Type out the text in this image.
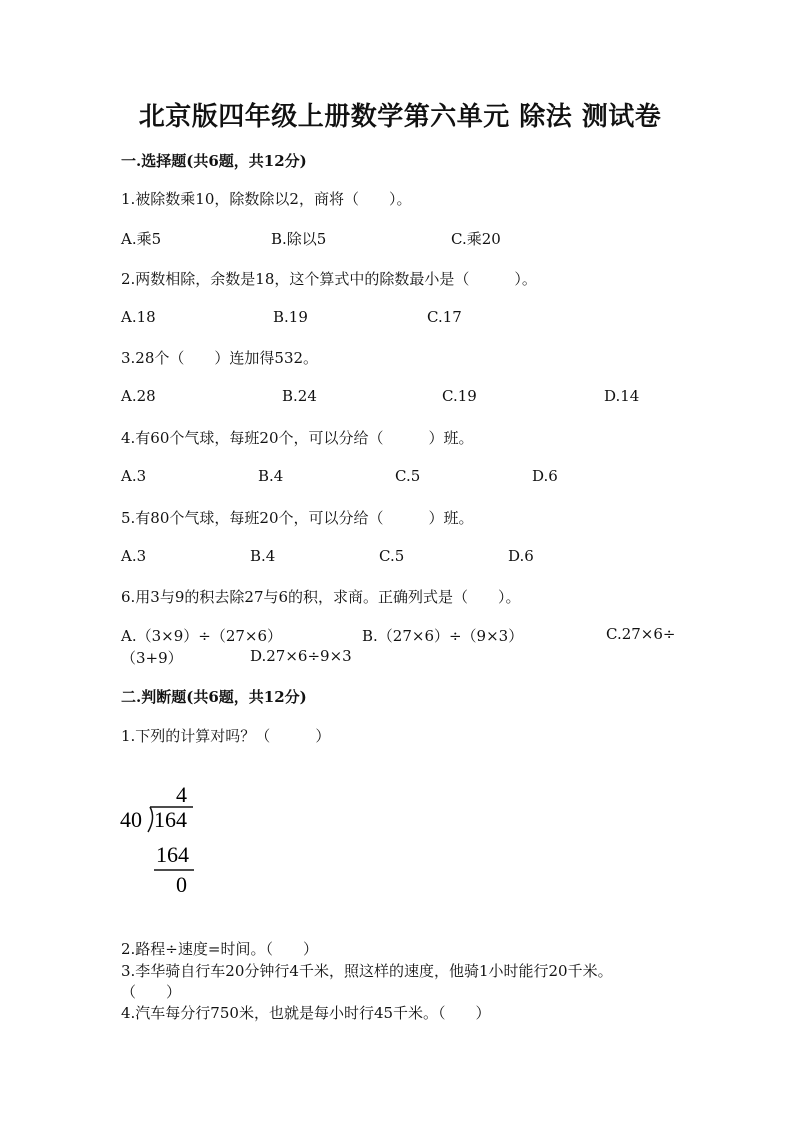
北京版四年级上册数学第六单元 除法 测试卷
一.选择题(共6题，共12分)
1.被除数乘10，除数除以2，商将（　　）。
A.乘5	B.除以5	C.乘20
2.两数相除，余数是18，这个算式中的除数最小是（　　　）。
A.18	B.19	C.17
3.28个（　　）连加得532。
A.28	B.24	C.19	D.14
4.有60个气球，每班20个，可以分给（　　　）班。
A.3	B.4	C.5	D.6
5.有80个气球，每班20个，可以分给（　　　）班。
A.3	B.4	C.5	D.6
6.用3与9的积去除27与6的积，求商。正确列式是（　　）。
A.（3×9）÷（27×6）	B.（27×6）÷（9×3）	C.27×6÷
（3+9）	D.27×6÷9×3
二.判断题(共6题，共12分)
1.下列的计算对吗？（　　　）
4
40 164
164
0
2.路程÷速度=时间。（　　）
3.李华骑自行车20分钟行4千米，照这样的速度，他骑1小时能行20千米。
（　　）
4.汽车每分行750米，也就是每小时行45千米。（　　）
